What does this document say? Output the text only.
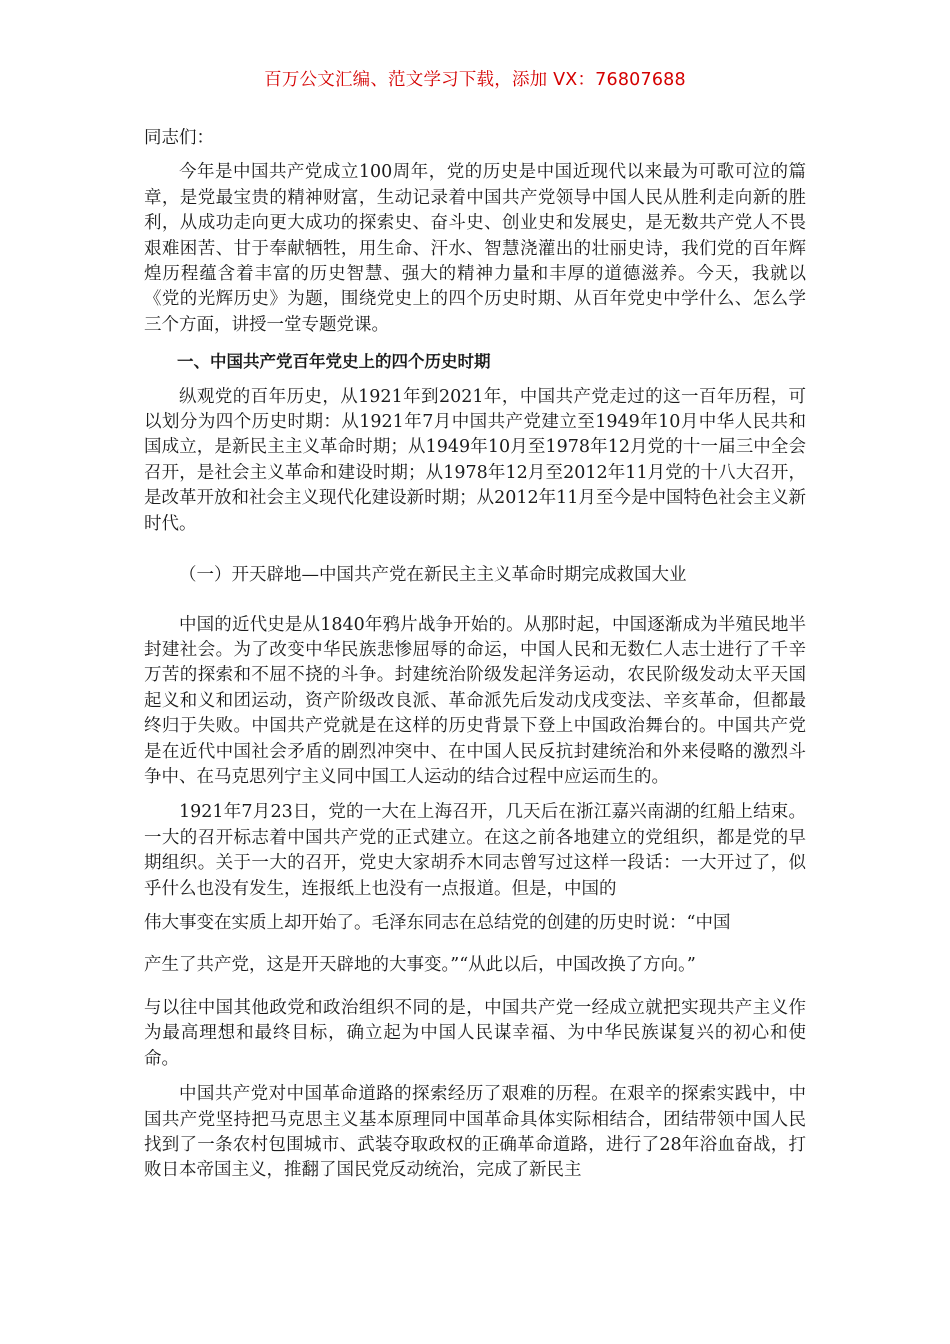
百万公文汇编、范文学习下载，添加 VX：76807688

同志们：

今年是中国共产党成立100周年，党的历史是中国近现代以来最为可歌可泣的篇章，是党最宝贵的精神财富，生动记录着中国共产党领导中国人民从胜利走向新的胜利，从成功走向更大成功的探索史、奋斗史、创业史和发展史，是无数共产党人不畏艰难困苦、甘于奉献牺牲，用生命、汗水、智慧浇灌出的壮丽史诗，我们党的百年辉煌历程蕴含着丰富的历史智慧、强大的精神力量和丰厚的道德滋养。今天，我就以《党的光辉历史》为题，围绕党史上的四个历史时期、从百年党史中学什么、怎么学三个方面，讲授一堂专题党课。

一、中国共产党百年党史上的四个历史时期

纵观党的百年历史，从1921年到2021年，中国共产党走过的这一百年历程，可以划分为四个历史时期：从1921年7月中国共产党建立至1949年10月中华人民共和国成立，是新民主主义革命时期；从1949年10月至1978年12月党的十一届三中全会召开，是社会主义革命和建设时期；从1978年12月至2012年11月党的十八大召开，是改革开放和社会主义现代化建设新时期；从2012年11月至今是中国特色社会主义新时代。

（一）开天辟地—中国共产党在新民主主义革命时期完成救国大业

中国的近代史是从1840年鸦片战争开始的。从那时起，中国逐渐成为半殖民地半封建社会。为了改变中华民族悲惨屈辱的命运，中国人民和无数仁人志士进行了千辛万苦的探索和不屈不挠的斗争。封建统治阶级发起洋务运动，农民阶级发动太平天国起义和义和团运动，资产阶级改良派、革命派先后发动戊戌变法、辛亥革命，但都最终归于失败。中国共产党就是在这样的历史背景下登上中国政治舞台的。中国共产党是在近代中国社会矛盾的剧烈冲突中、在中国人民反抗封建统治和外来侵略的激烈斗争中、在马克思列宁主义同中国工人运动的结合过程中应运而生的。

1921年7月23日，党的一大在上海召开，几天后在浙江嘉兴南湖的红船上结束。一大的召开标志着中国共产党的正式建立。在这之前各地建立的党组织，都是党的早期组织。关于一大的召开，党史大家胡乔木同志曾写过这样一段话：一大开过了，似乎什么也没有发生，连报纸上也没有一点报道。但是，中国的

伟大事变在实质上却开始了。毛泽东同志在总结党的创建的历史时说：“中国

产生了共产党，这是开天辟地的大事变。”“从此以后，中国改换了方向。”

与以往中国其他政党和政治组织不同的是，中国共产党一经成立就把实现共产主义作为最高理想和最终目标，确立起为中国人民谋幸福、为中华民族谋复兴的初心和使命。

中国共产党对中国革命道路的探索经历了艰难的历程。在艰辛的探索实践中，中国共产党坚持把马克思主义基本原理同中国革命具体实际相结合，团结带领中国人民找到了一条农村包围城市、武装夺取政权的正确革命道路，进行了28年浴血奋战，打败日本帝国主义，推翻了国民党反动统治，完成了新民主
